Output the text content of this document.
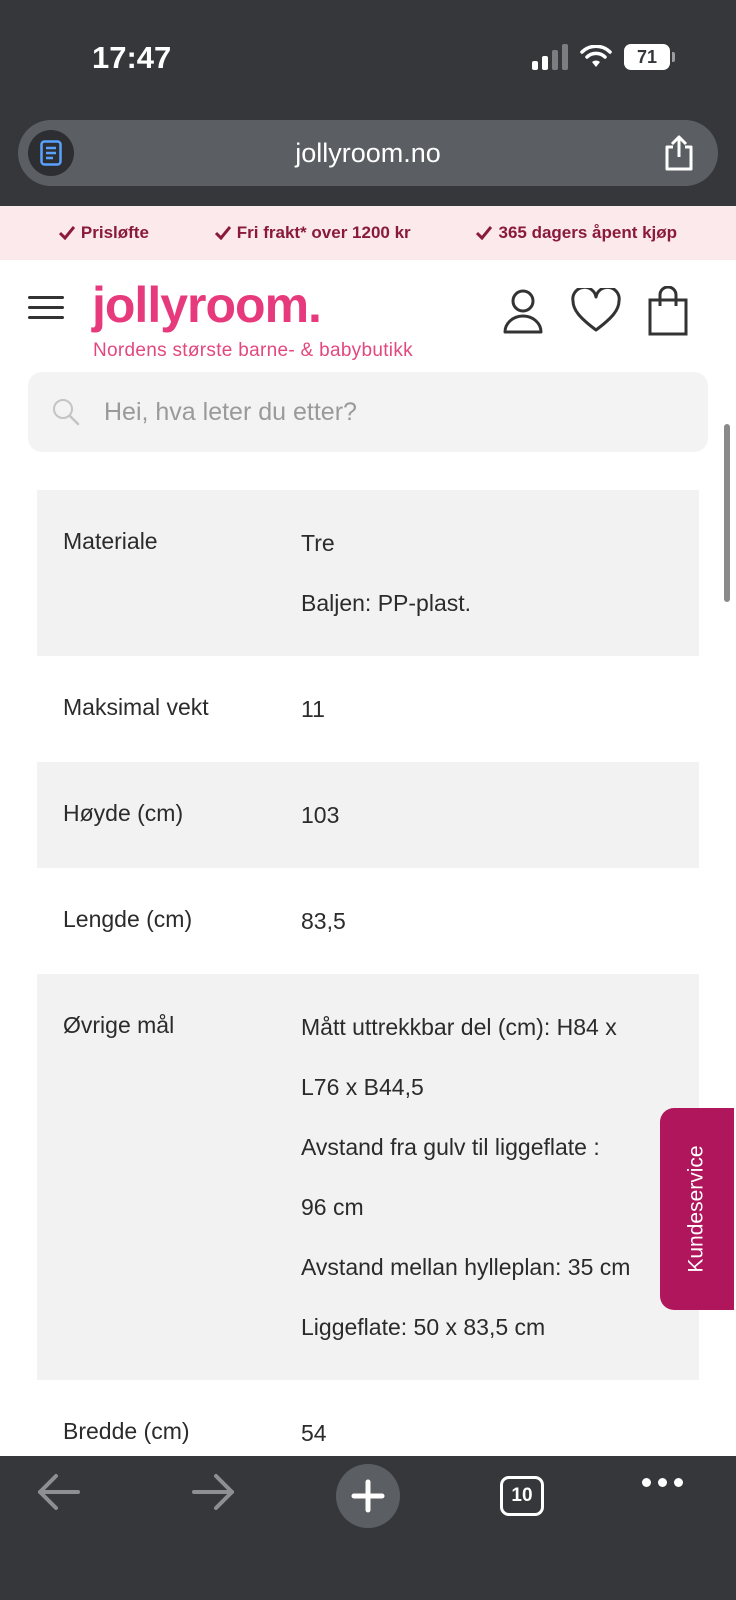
17:47	71
jollyroom.no
Prisløfte	Fri frakt* over 1200 kr	365 dagers åpent kjøp
jollyroom.
Nordens største barne- & babybutikk
Hei, hva leter du etter?
Materiale	Tre
Baljen: PP-plast.
Maksimal vekt	11
Høyde (cm)	103
Lengde (cm)	83,5
Øvrige mål	Mått uttrekkbar del (cm): H84 x
L76 x B44,5
Avstand fra gulv til liggeflate :
96 cm
Avstand mellan hylleplan: 35 cm
Liggeflate: 50 x 83,5 cm
Bredde (cm)	54
Kundeservice
10
